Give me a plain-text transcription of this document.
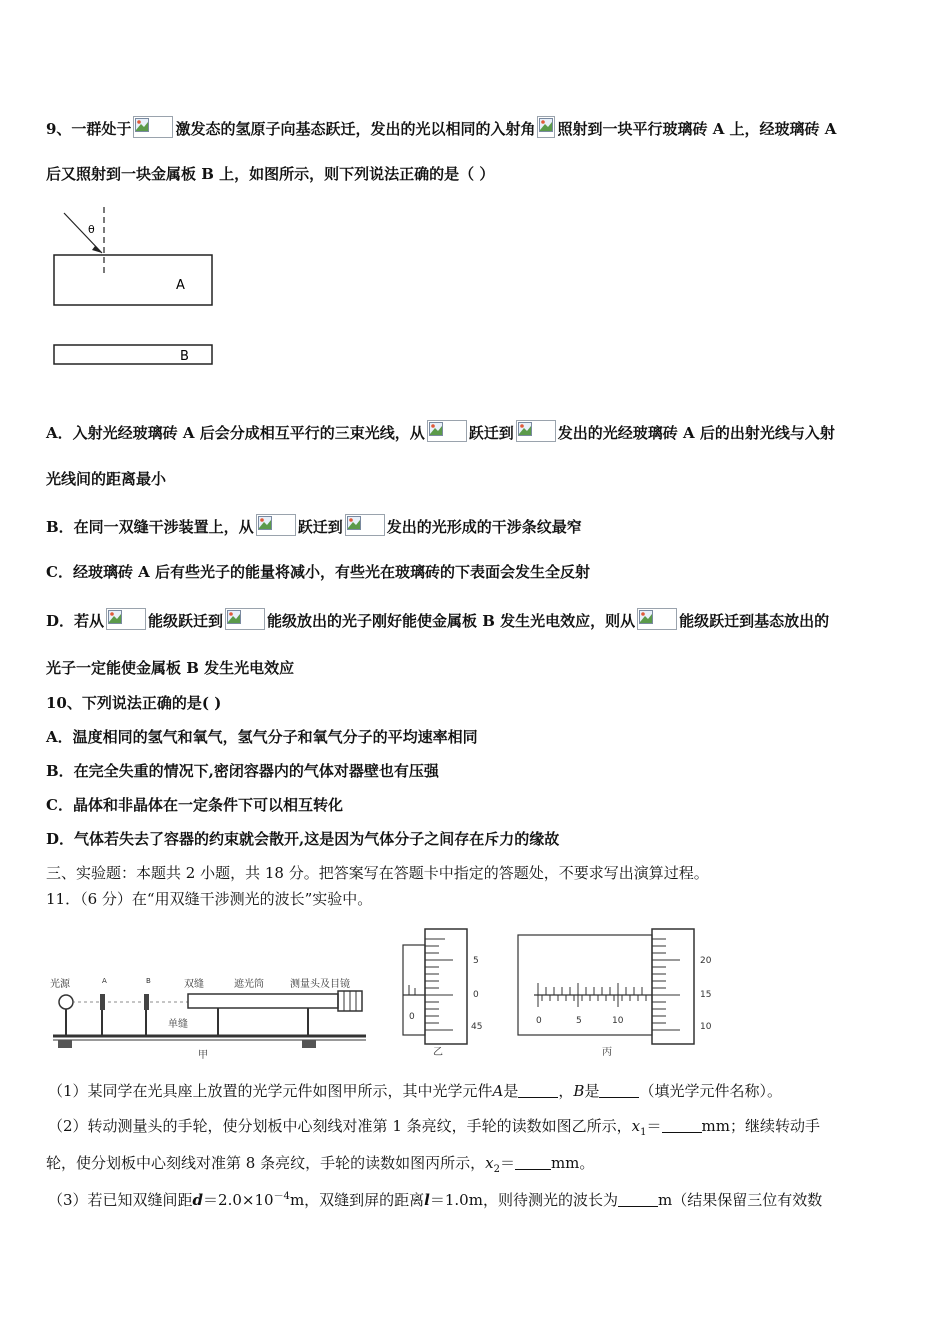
9、一群处于	激发态的氢原子向基态跃迁，发出的光以相同的入射角 照射到一块平行玻璃砖 A 上，经玻璃砖 A
后又照射到一块金属板 B 上，如图所示，则下列说法正确的是（ ）
θ
A
B
A．入射光经玻璃砖 A 后会分成相互平行的三束光线，从	跃迁到	发出的光经玻璃砖 A 后的出射光线与入射
光线间的距离最小
B．在同一双缝干涉装置上，从	跃迁到	发出的光形成的干涉条纹最窄
C．经玻璃砖 A 后有些光子的能量将减小，有些光在玻璃砖的下表面会发生全反射
D．若从	能级跃迁到	能级放出的光子刚好能使金属板 B 发生光电效应，则从	能级跃迁到基态放出的
光子一定能使金属板 B 发生光电效应
10、下列说法正确的是( )
A．温度相同的氢气和氧气，氢气分子和氧气分子的平均速率相同
B．在完全失重的情况下,密闭容器内的气体对器壁也有压强
C．晶体和非晶体在一定条件下可以相互转化
D．气体若失去了容器的约束就会散开,这是因为气体分子之间存在斥力的缘故
三、实验题：本题共 2 小题，共 18 分。把答案写在答题卡中指定的答题处，不要求写出演算过程。
11．（6 分）在“用双缝干涉测光的波长”实验中。
光源	A	B	双缝	遮光筒	测量头及目镜
单缝
甲
5
0
45
0
乙
20
15
10
0	5	10
丙
（1）某同学在光具座上放置的光学元件如图甲所示，其中光学元件A是	，B是	（填光学元件名称）。
（2）转动测量头的手轮，使分划板中心刻线对准第 1 条亮纹，手轮的读数如图乙所示，$x_1=$	mm；继续转动手
轮，使分划板中心刻线对准第 8 条亮纹，手轮的读数如图丙所示，$x_2=$ mm。
（3）若已知双缝间距$d=2.0\times 10^{-4}m$，双缝到屏的距离l＝1.0m，则待测光的波长为	m（结果保留三位有效数
